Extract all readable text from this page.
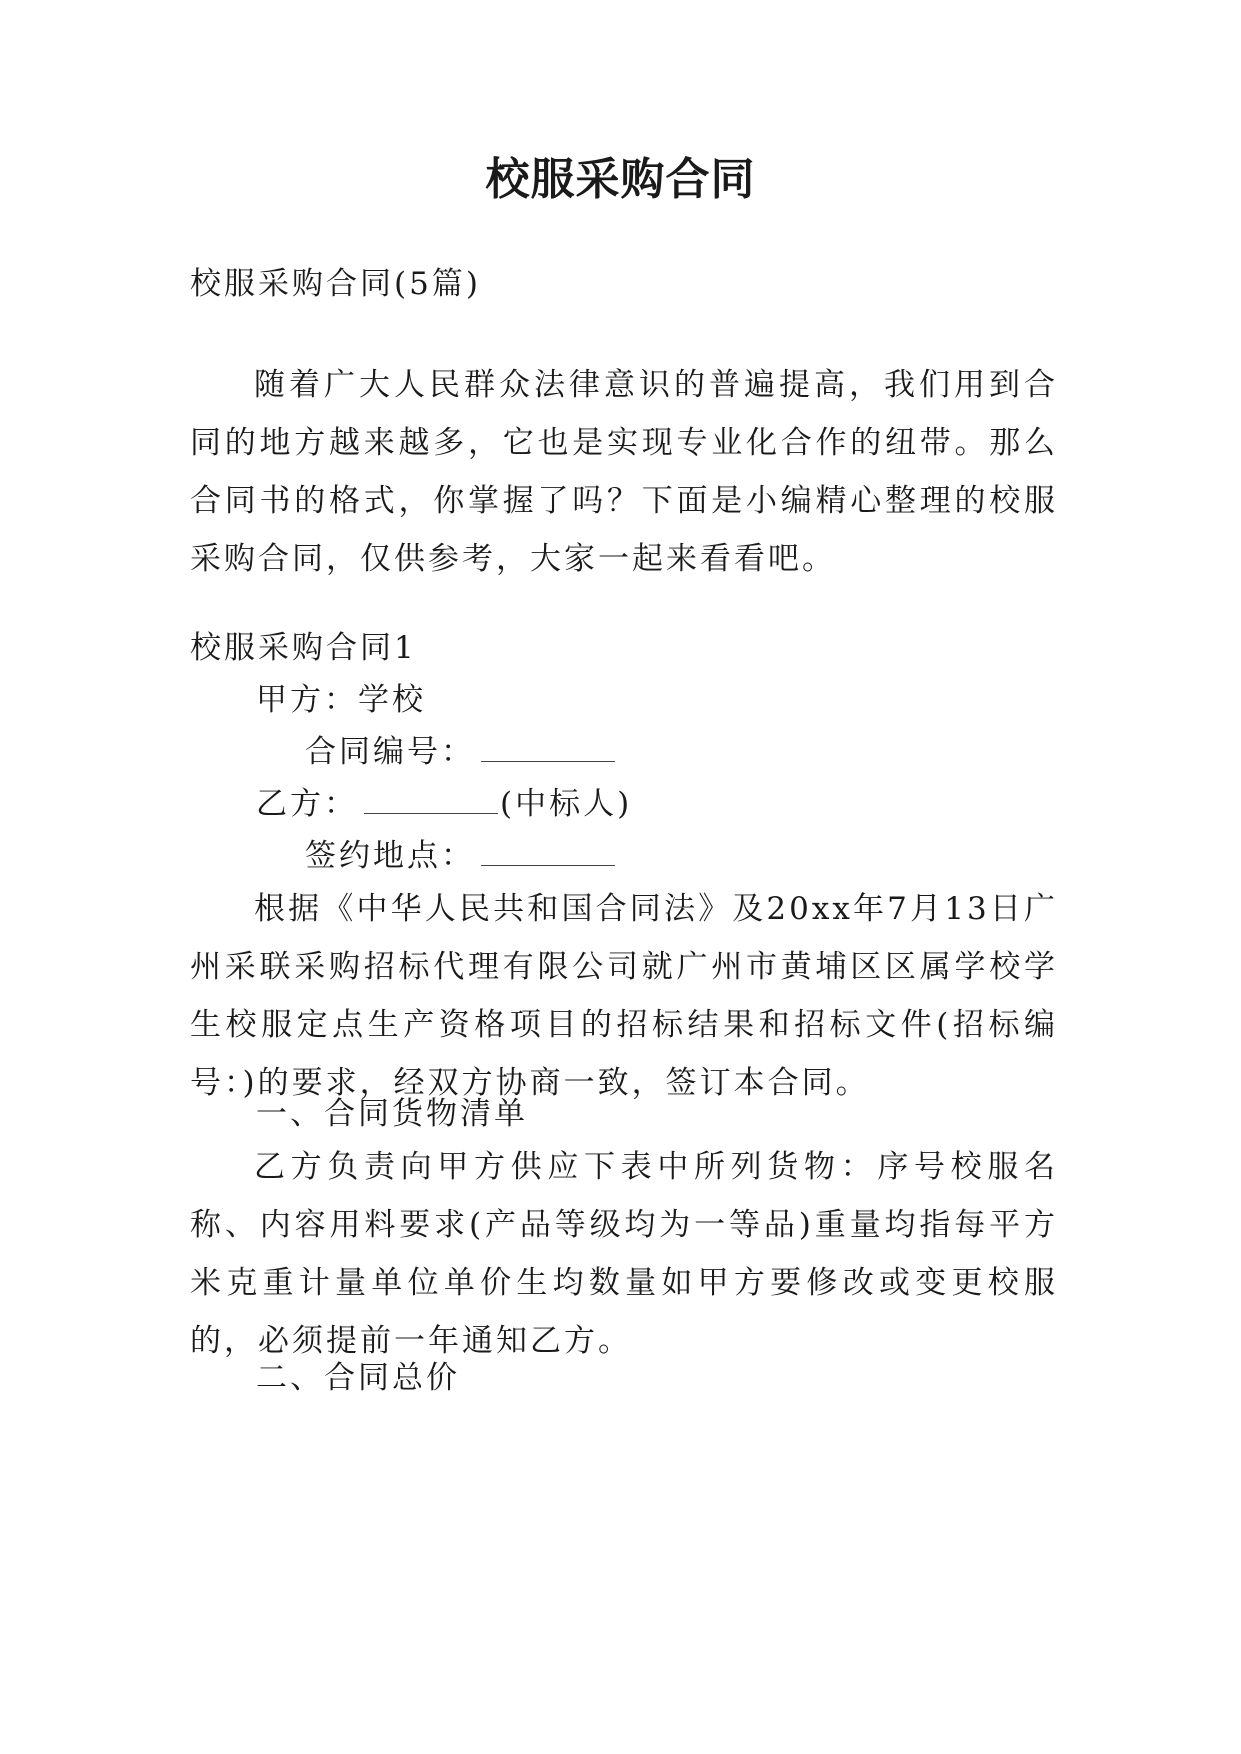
校服采购合同
校服采购合同(5篇)
随着广大人民群众法律意识的普遍提高，我们用到合同的地方越来越多，它也是实现专业化合作的纽带。那么合同书的格式，你掌握了吗？下面是小编精心整理的校服采购合同，仅供参考，大家一起来看看吧。
校服采购合同1
甲方：学校
合同编号：
乙方：	(中标人)
签约地点：
根据《中华人民共和国合同法》及20xx年7月13日广州采联采购招标代理有限公司就广州市黄埔区区属学校学生校服定点生产资格项目的招标结果和招标文件(招标编号：)的要求，经双方协商一致，签订本合同。
一、合同货物清单
乙方负责向甲方供应下表中所列货物：序号校服名称、内容用料要求(产品等级均为一等品)重量均指每平方米克重计量单位单价生均数量如甲方要修改或变更校服的，必须提前一年通知乙方。
二、合同总价
